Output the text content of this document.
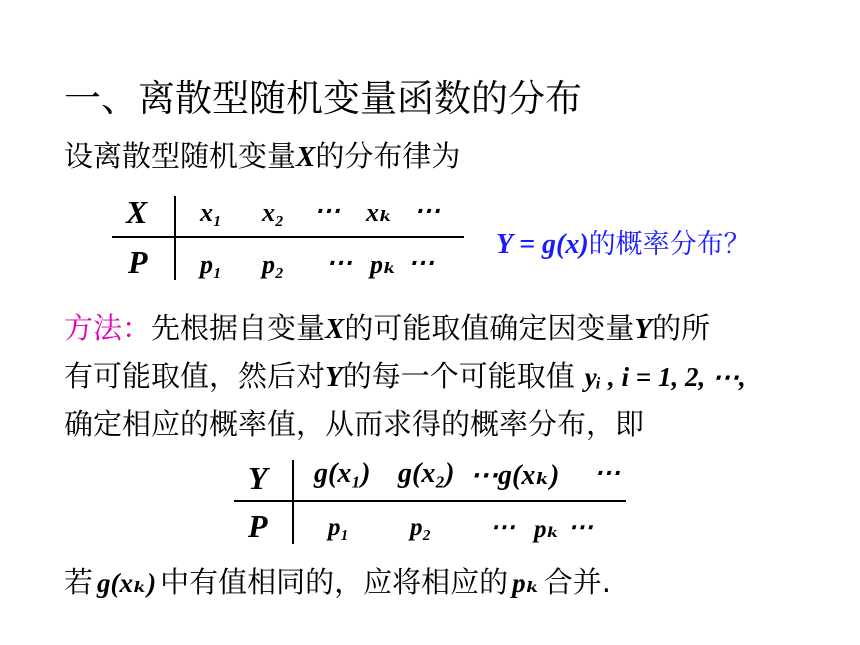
一、离散型随机变量函数的分布
设离散型随机变量X的分布律为
X x₁ x₂ ⋯ xₖ ⋯
P p₁ p₂ ⋯ pₖ ⋯
Y = g(x)的概率分布？
方法：先根据自变量X的可能取值确定因变量Y的所
有可能取值，然后对Y的每一个可能取值 yᵢ , i = 1, 2, ⋯,
确定相应的概率值，从而求得的概率分布，即
Y g(x₁) g(x₂) ⋯g(xₖ) ⋯
P p₁ p₂ ⋯ pₖ ⋯
若 g(xₖ) 中有值相同的，应将相应的 pₖ 合并.
